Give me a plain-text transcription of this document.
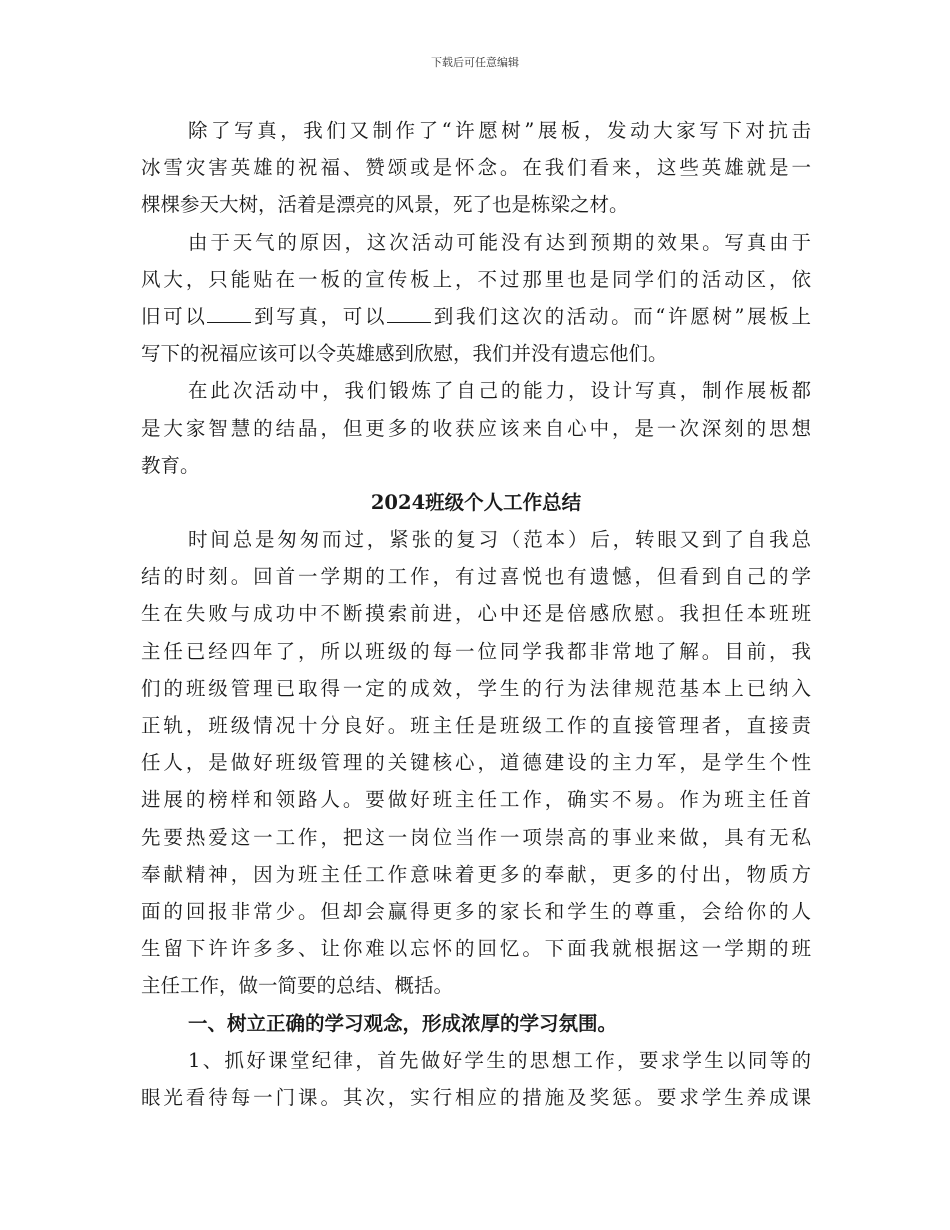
下载后可任意编辑
除了写真，我们又制作了“许愿树”展板，发动大家写下对抗击
冰雪灾害英雄的祝福、赞颂或是怀念。在我们看来，这些英雄就是一
棵棵参天大树，活着是漂亮的风景，死了也是栋梁之材。
由于天气的原因，这次活动可能没有达到预期的效果。写真由于
风大，只能贴在一板的宣传板上，不过那里也是同学们的活动区，依
旧可以 到写真，可以 到我们这次的活动。而“许愿树”展板上
写下的祝福应该可以令英雄感到欣慰，我们并没有遗忘他们。
在此次活动中，我们锻炼了自己的能力，设计写真，制作展板都
是大家智慧的结晶，但更多的收获应该来自心中，是一次深刻的思想
教育。
2024班级个人工作总结
时间总是匆匆而过，紧张的复习（范本）后，转眼又到了自我总
结的时刻。回首一学期的工作，有过喜悦也有遗憾，但看到自己的学
生在失败与成功中不断摸索前进，心中还是倍感欣慰。我担任本班班
主任已经四年了，所以班级的每一位同学我都非常地了解。目前，我
们的班级管理已取得一定的成效，学生的行为法律规范基本上已纳入
正轨，班级情况十分良好。班主任是班级工作的直接管理者，直接责
任人，是做好班级管理的关键核心，道德建设的主力军，是学生个性
进展的榜样和领路人。要做好班主任工作，确实不易。作为班主任首
先要热爱这一工作，把这一岗位当作一项崇高的事业来做，具有无私
奉献精神，因为班主任工作意味着更多的奉献，更多的付出，物质方
面的回报非常少。但却会赢得更多的家长和学生的尊重，会给你的人
生留下许许多多、让你难以忘怀的回忆。下面我就根据这一学期的班
主任工作，做一简要的总结、概括。
一、树立正确的学习观念，形成浓厚的学习氛围。
1、抓好课堂纪律，首先做好学生的思想工作，要求学生以同等的
眼光看待每一门课。其次，实行相应的措施及奖惩。要求学生养成课
